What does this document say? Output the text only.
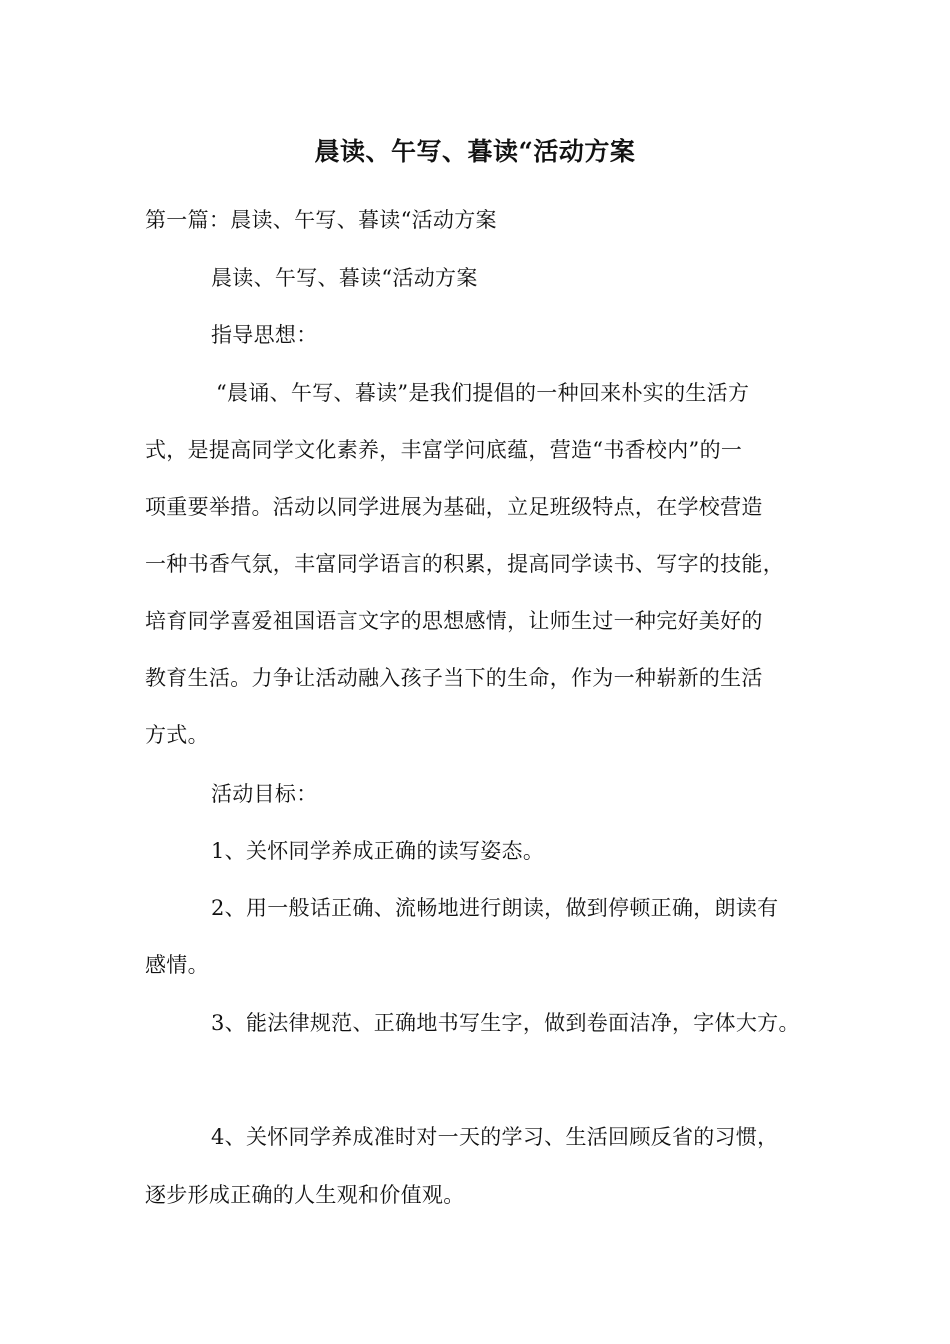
晨读、午写、暮读“活动方案
第一篇：晨读、午写、暮读“活动方案
晨读、午写、暮读“活动方案
指导思想：
“晨诵、午写、暮读”是我们提倡的一种回来朴实的生活方
式，是提高同学文化素养，丰富学问底蕴，营造“书香校内”的一
项重要举措。活动以同学进展为基础，立足班级特点，在学校营造
一种书香气氛，丰富同学语言的积累，提高同学读书、写字的技能，
培育同学喜爱祖国语言文字的思想感情，让师生过一种完好美好的
教育生活。力争让活动融入孩子当下的生命，作为一种崭新的生活
方式。
活动目标：
1、关怀同学养成正确的读写姿态。
2、用一般话正确、流畅地进行朗读，做到停顿正确，朗读有
感情。
3、能法律规范、正确地书写生字，做到卷面洁净，字体大方。
4、关怀同学养成准时对一天的学习、生活回顾反省的习惯，
逐步形成正确的人生观和价值观。
